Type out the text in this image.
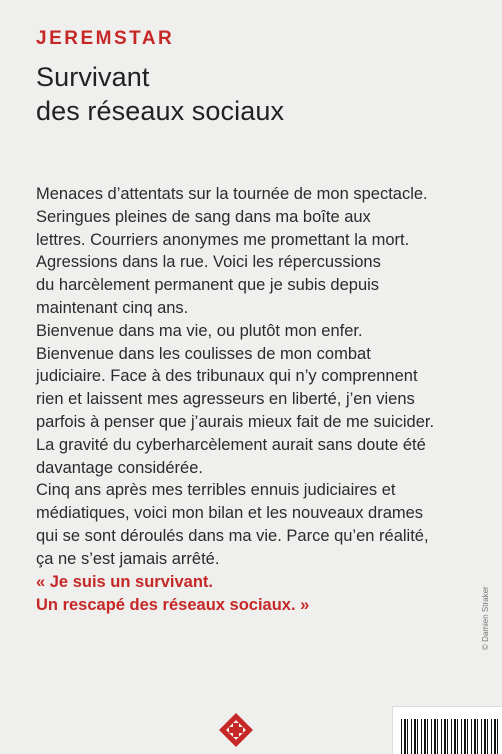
JEREMSTAR
Survivant
des réseaux sociaux
Menaces d’attentats sur la tournée de mon spectacle.
Seringues pleines de sang dans ma boîte aux
lettres. Courriers anonymes me promettant la mort.
Agressions dans la rue. Voici les répercussions
du harcèlement permanent que je subis depuis
maintenant cinq ans.
Bienvenue dans ma vie, ou plutôt mon enfer.
Bienvenue dans les coulisses de mon combat
judiciaire. Face à des tribunaux qui n’y comprennent
rien et laissent mes agresseurs en liberté, j’en viens
parfois à penser que j’aurais mieux fait de me suicider.
La gravité du cyberharcèlement aurait sans doute été
davantage considérée.
Cinq ans après mes terribles ennuis judiciaires et
médiatiques, voici mon bilan et les nouveaux drames
qui se sont déroulés dans ma vie. Parce qu’en réalité,
ça ne s’est jamais arrêté.
« Je suis un survivant.
Un rescapé des réseaux sociaux. »	© Damien Straker
